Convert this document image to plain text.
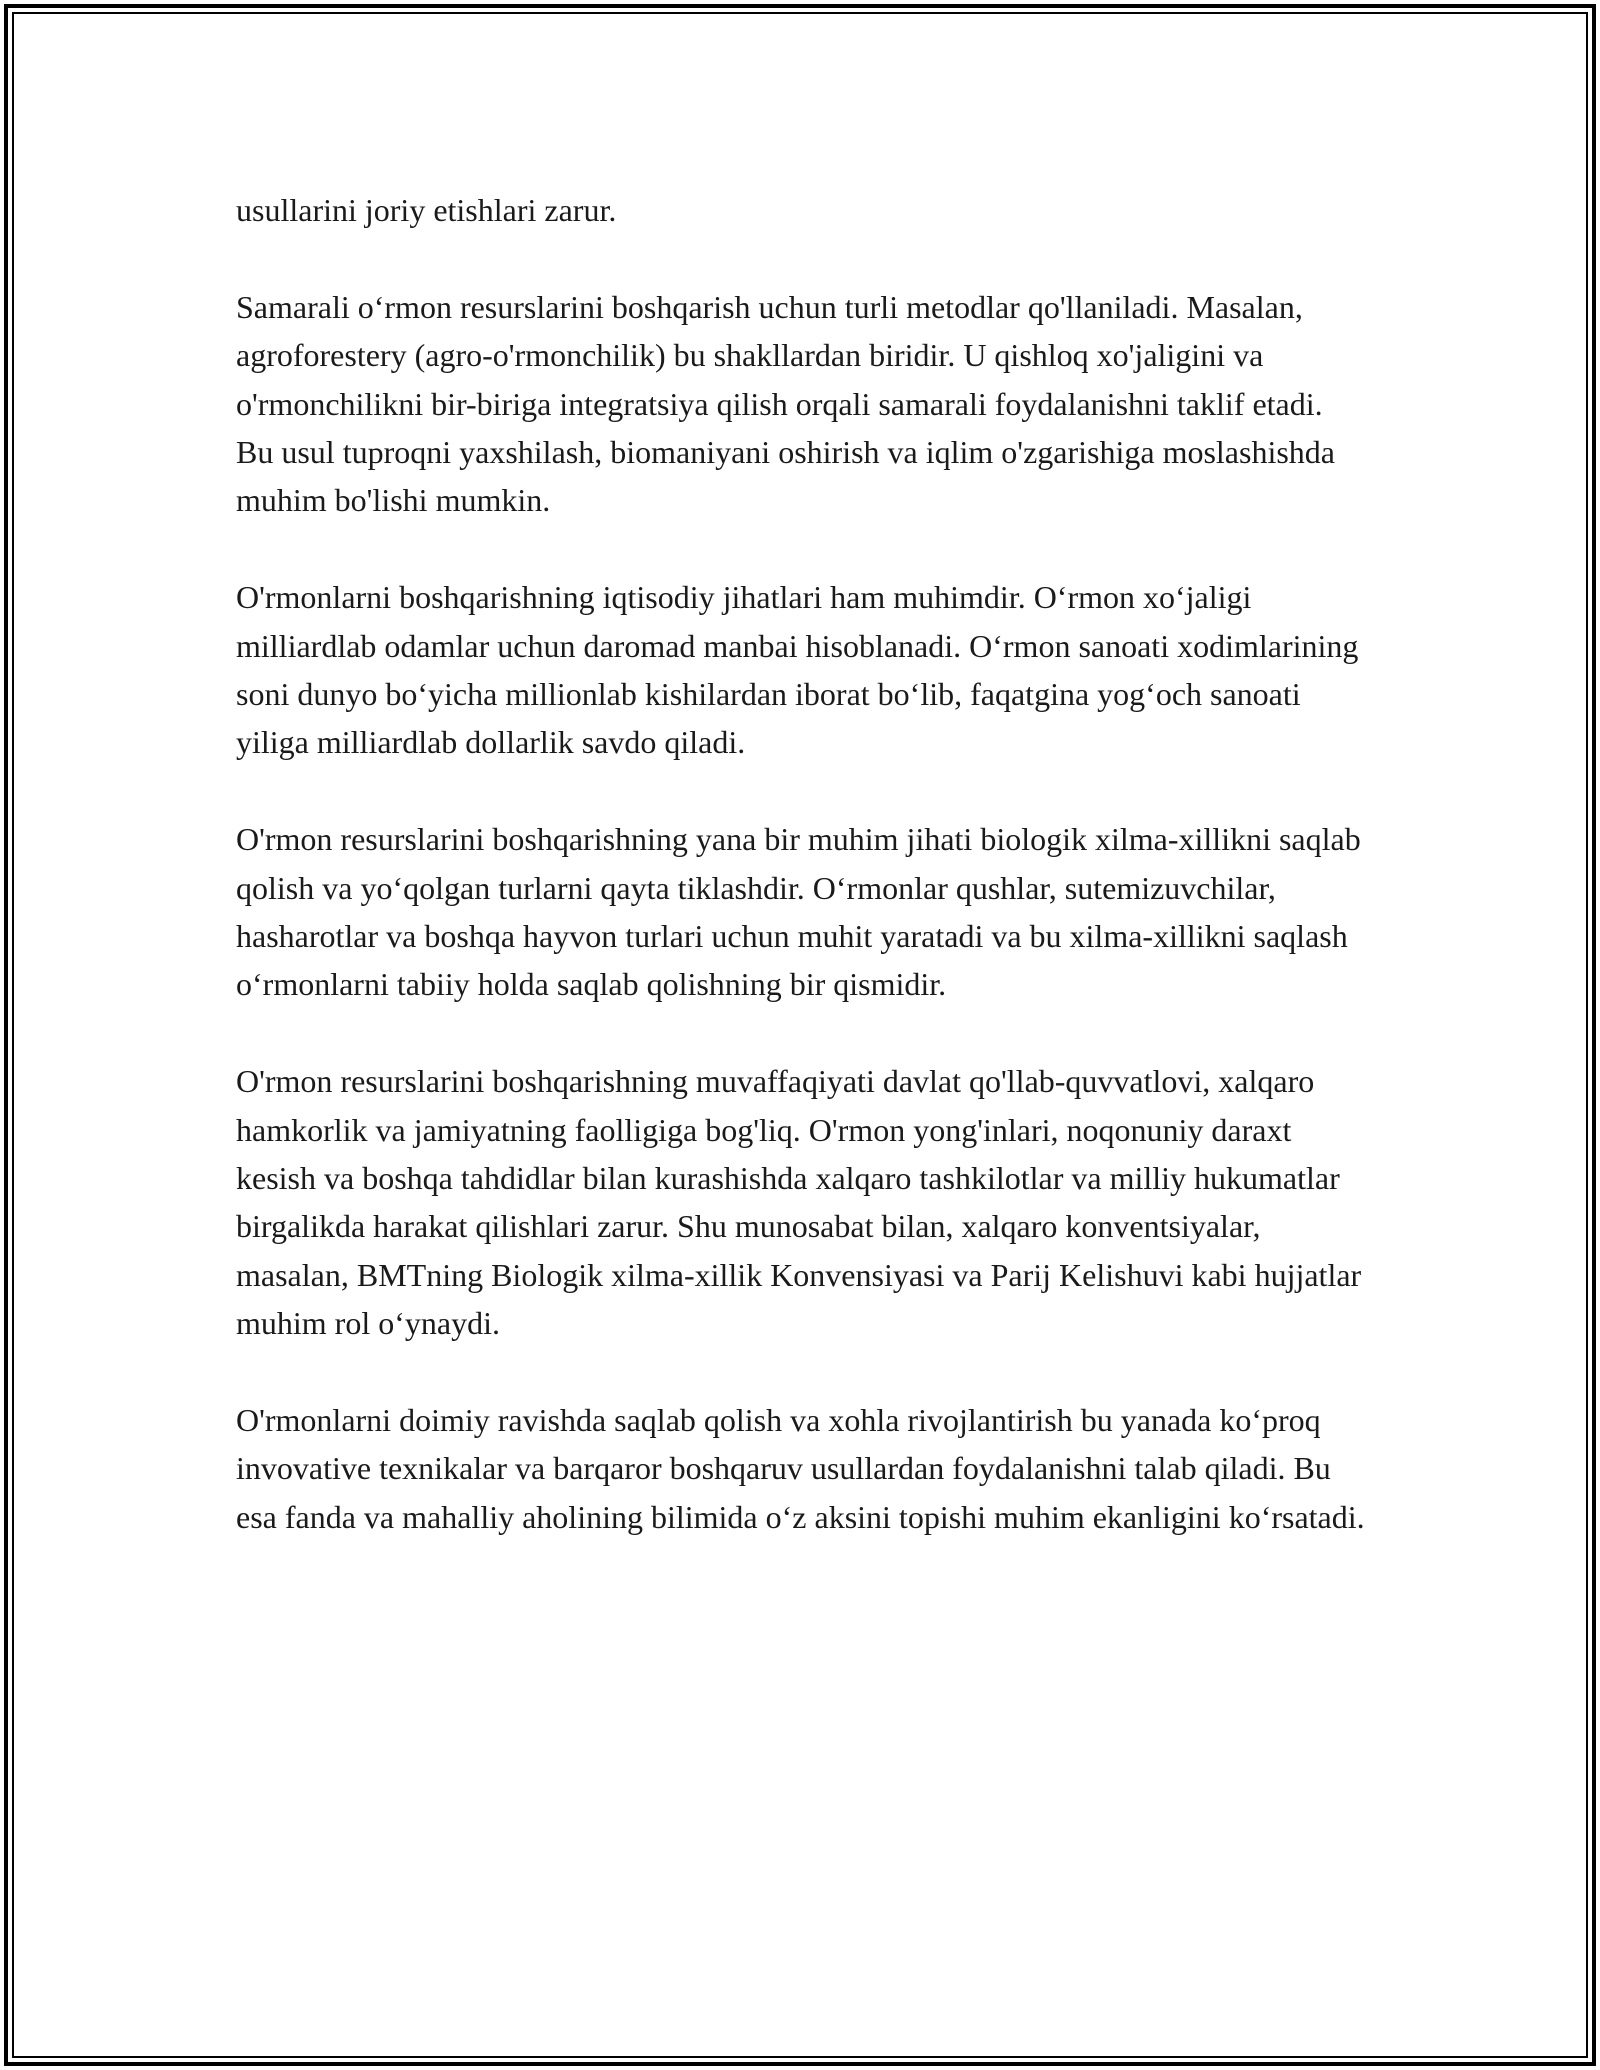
usullarini joriy etishlari zarur.

Samarali o‘rmon resurslarini boshqarish uchun turli metodlar qo'llaniladi. Masalan, agroforestery (agro-o'rmonchilik) bu shakllardan biridir. U qishloq xo'jaligini va o'rmonchilikni bir-biriga integratsiya qilish orqali samarali foydalanishni taklif etadi. Bu usul tuproqni yaxshilash, biomaniyani oshirish va iqlim o'zgarishiga moslashishda muhim bo'lishi mumkin.

O'rmonlarni boshqarishning iqtisodiy jihatlari ham muhimdir. O‘rmon xo‘jaligi milliardlab odamlar uchun daromad manbai hisoblanadi. O‘rmon sanoati xodimlarining soni dunyo bo‘yicha millionlab kishilardan iborat bo‘lib, faqatgina yog‘och sanoati yiliga milliardlab dollarlik savdo qiladi.

O'rmon resurslarini boshqarishning yana bir muhim jihati biologik xilma-xillikni saqlab qolish va yo‘qolgan turlarni qayta tiklashdir. O‘rmonlar qushlar, sutemizuvchilar, hasharotlar va boshqa hayvon turlari uchun muhit yaratadi va bu xilma-xillikni saqlash o‘rmonlarni tabiiy holda saqlab qolishning bir qismidir.

O'rmon resurslarini boshqarishning muvaffaqiyati davlat qo'llab-quvvatlovi, xalqaro hamkorlik va jamiyatning faolligiga bog'liq. O'rmon yong'inlari, noqonuniy daraxt kesish va boshqa tahdidlar bilan kurashishda xalqaro tashkilotlar va milliy hukumatlar birgalikda harakat qilishlari zarur. Shu munosabat bilan, xalqaro konventsiyalar, masalan, BMTning Biologik xilma-xillik Konvensiyasi va Parij Kelishuvi kabi hujjatlar muhim rol o‘ynaydi.

O'rmonlarni doimiy ravishda saqlab qolish va xohla rivojlantirish bu yanada ko‘proq invovative texnikalar va barqaror boshqaruv usullardan foydalanishni talab qiladi. Bu esa fanda va mahalliy aholining bilimida o‘z aksini topishi muhim ekanligini ko‘rsatadi.
